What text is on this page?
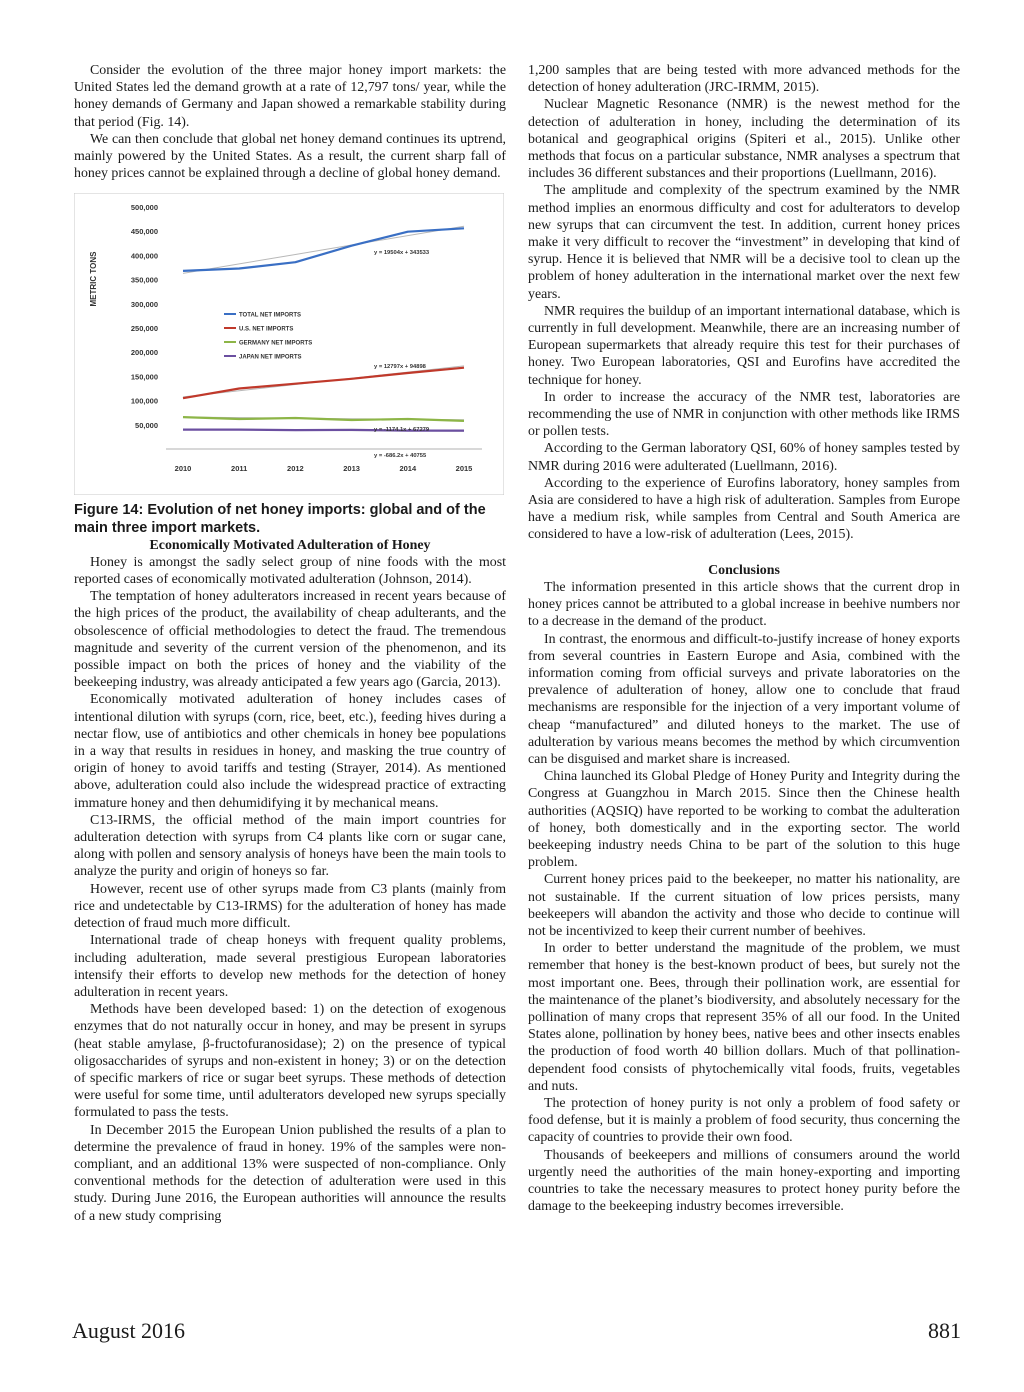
Consider the evolution of the three major honey import markets: the United States led the demand growth at a rate of 12,797 tons/ year, while the honey demands of Germany and Japan showed a remarkable stability during that period (Fig. 14).

We can then conclude that global net honey demand continues its uptrend, mainly powered by the United States. As a result, the current sharp fall of honey prices cannot be explained through a decline of global honey demand.

METRIC TONS
50,000
100,000
150,000
200,000
250,000
300,000
350,000
400,000
450,000
500,000
2010	2011	2012	2013	2014	2015
TOTAL NET IMPORTS
U.S. NET IMPORTS
GERMANY NET IMPORTS
JAPAN NET IMPORTS
y = 19504x + 343533
y = 12797x + 94898
y = -1174.1x + 67279
y = -686.2x + 40755

Figure 14: Evolution of net honey imports: global and of the main three import markets.

Economically Motivated Adulteration of Honey

Honey is amongst the sadly select group of nine foods with the most reported cases of economically motivated adulteration (Johnson, 2014).

The temptation of honey adulterators increased in recent years because of the high prices of the product, the availability of cheap adulterants, and the obsolescence of official methodologies to detect the fraud. The tremendous magnitude and severity of the current version of the phenomenon, and its possible impact on both the prices of honey and the viability of the beekeeping industry, was already anticipated a few years ago (Garcia, 2013).

Economically motivated adulteration of honey includes cases of intentional dilution with syrups (corn, rice, beet, etc.), feeding hives during a nectar flow, use of antibiotics and other chemicals in honey bee populations in a way that results in residues in honey, and masking the true country of origin of honey to avoid tariffs and testing (Strayer, 2014). As mentioned above, adulteration could also include the widespread practice of extracting immature honey and then dehumidifying it by mechanical means.

C13-IRMS, the official method of the main import countries for adulteration detection with syrups from C4 plants like corn or sugar cane, along with pollen and sensory analysis of honeys have been the main tools to analyze the purity and origin of honeys so far.

However, recent use of other syrups made from C3 plants (mainly from rice and undetectable by C13-IRMS) for the adulteration of honey has made detection of fraud much more difficult.

International trade of cheap honeys with frequent quality problems, including adulteration, made several prestigious European laboratories intensify their efforts to develop new methods for the detection of honey adulteration in recent years.

Methods have been developed based: 1) on the detection of exogenous enzymes that do not naturally occur in honey, and may be present in syrups (heat stable amylase, β-fructofuranosidase); 2) on the presence of typical oligosaccharides of syrups and non-existent in honey; 3) or on the detection of specific markers of rice or sugar beet syrups. These methods of detection were useful for some time, until adulterators developed new syrups specially formulated to pass the tests.

In December 2015 the European Union published the results of a plan to determine the prevalence of fraud in honey. 19% of the samples were non-compliant, and an additional 13% were suspected of non-compliance. Only conventional methods for the detection of adulteration were used in this study. During June 2016, the European authorities will announce the results of a new study comprising

1,200 samples that are being tested with more advanced methods for the detection of honey adulteration (JRC-IRMM, 2015).

Nuclear Magnetic Resonance (NMR) is the newest method for the detection of adulteration in honey, including the determination of its botanical and geographical origins (Spiteri et al., 2015). Unlike other methods that focus on a particular substance, NMR analyses a spectrum that includes 36 different substances and their proportions (Luellmann, 2016).

The amplitude and complexity of the spectrum examined by the NMR method implies an enormous difficulty and cost for adulterators to develop new syrups that can circumvent the test. In addition, current honey prices make it very difficult to recover the “investment” in developing that kind of syrup. Hence it is believed that NMR will be a decisive tool to clean up the problem of honey adulteration in the international market over the next few years.

NMR requires the buildup of an important international database, which is currently in full development. Meanwhile, there are an increasing number of European supermarkets that already require this test for their purchases of honey. Two European laboratories, QSI and Eurofins have accredited the technique for honey.

In order to increase the accuracy of the NMR test, laboratories are recommending the use of NMR in conjunction with other methods like IRMS or pollen tests.

According to the German laboratory QSI, 60% of honey samples tested by NMR during 2016 were adulterated (Luellmann, 2016).

According to the experience of Eurofins laboratory, honey samples from Asia are considered to have a high risk of adulteration. Samples from Europe have a medium risk, while samples from Central and South America are considered to have a low-risk of adulteration (Lees, 2015).

Conclusions

The information presented in this article shows that the current drop in honey prices cannot be attributed to a global increase in beehive numbers nor to a decrease in the demand of the product.

In contrast, the enormous and difficult-to-justify increase of honey exports from several countries in Eastern Europe and Asia, combined with the information coming from official surveys and private laboratories on the prevalence of adulteration of honey, allow one to conclude that fraud mechanisms are responsible for the injection of a very important volume of cheap “manufactured” and diluted honeys to the market. The use of adulteration by various means becomes the method by which circumvention can be disguised and market share is increased.

China launched its Global Pledge of Honey Purity and Integrity during the Congress at Guangzhou in March 2015. Since then the Chinese health authorities (AQSIQ) have reported to be working to combat the adulteration of honey, both domestically and in the exporting sector. The world beekeeping industry needs China to be part of the solution to this huge problem.

Current honey prices paid to the beekeeper, no matter his nationality, are not sustainable. If the current situation of low prices persists, many beekeepers will abandon the activity and those who decide to continue will not be incentivized to keep their current number of beehives.

In order to better understand the magnitude of the problem, we must remember that honey is the best-known product of bees, but surely not the most important one. Bees, through their pollination work, are essential for the maintenance of the planet’s biodiversity, and absolutely necessary for the pollination of many crops that represent 35% of all our food. In the United States alone, pollination by honey bees, native bees and other insects enables the production of food worth 40 billion dollars. Much of that pollination-dependent food consists of phytochemically vital foods, fruits, vegetables and nuts.

The protection of honey purity is not only a problem of food safety or food defense, but it is mainly a problem of food security, thus concerning the capacity of countries to provide their own food.

Thousands of beekeepers and millions of consumers around the world urgently need the authorities of the main honey-exporting and importing countries to take the necessary measures to protect honey purity before the damage to the beekeeping industry becomes irreversible.

August 2016	881
